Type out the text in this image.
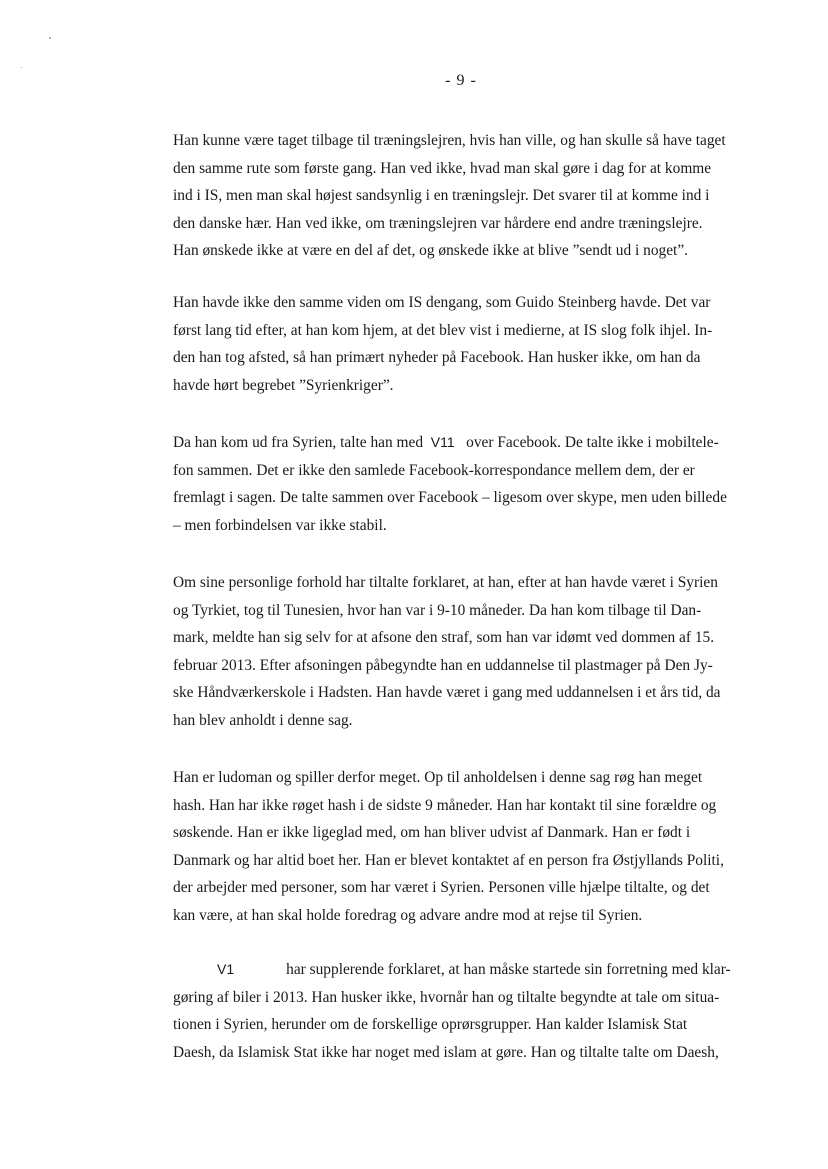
- 9 -
Han kunne være taget tilbage til træningslejren, hvis han ville, og han skulle så have taget
den samme rute som første gang. Han ved ikke, hvad man skal gøre i dag for at komme
ind i IS, men man skal højest sandsynlig i en træningslejr. Det svarer til at komme ind i
den danske hær. Han ved ikke, om træningslejren var hårdere end andre træningslejre.
Han ønskede ikke at være en del af det, og ønskede ikke at blive ”sendt ud i noget”.
Han havde ikke den samme viden om IS dengang, som Guido Steinberg havde. Det var
først lang tid efter, at han kom hjem, at det blev vist i medierne, at IS slog folk ihjel. In-
den han tog afsted, så han primært nyheder på Facebook. Han husker ikke, om han da
havde hørt begrebet ”Syrienkriger”.
Da han kom ud fra Syrien, talte han med V11 over Facebook. De talte ikke i mobiltele-
fon sammen. Det er ikke den samlede Facebook-korrespondance mellem dem, der er
fremlagt i sagen. De talte sammen over Facebook – ligesom over skype, men uden billede
– men forbindelsen var ikke stabil.
Om sine personlige forhold har tiltalte forklaret, at han, efter at han havde været i Syrien
og Tyrkiet, tog til Tunesien, hvor han var i 9-10 måneder. Da han kom tilbage til Dan-
mark, meldte han sig selv for at afsone den straf, som han var idømt ved dommen af 15.
februar 2013. Efter afsoningen påbegyndte han en uddannelse til plastmager på Den Jy-
ske Håndværkerskole i Hadsten. Han havde været i gang med uddannelsen i et års tid, da
han blev anholdt i denne sag.
Han er ludoman og spiller derfor meget. Op til anholdelsen i denne sag røg han meget
hash. Han har ikke røget hash i de sidste 9 måneder. Han har kontakt til sine forældre og
søskende. Han er ikke ligeglad med, om han bliver udvist af Danmark. Han er født i
Danmark og har altid boet her. Han er blevet kontaktet af en person fra Østjyllands Politi,
der arbejder med personer, som har været i Syrien. Personen ville hjælpe tiltalte, og det
kan være, at han skal holde foredrag og advare andre mod at rejse til Syrien.
V1	har supplerende forklaret, at han måske startede sin forretning med klar-
gøring af biler i 2013. Han husker ikke, hvornår han og tiltalte begyndte at tale om situa-
tionen i Syrien, herunder om de forskellige oprørsgrupper. Han kalder Islamisk Stat
Daesh, da Islamisk Stat ikke har noget med islam at gøre. Han og tiltalte talte om Daesh,
